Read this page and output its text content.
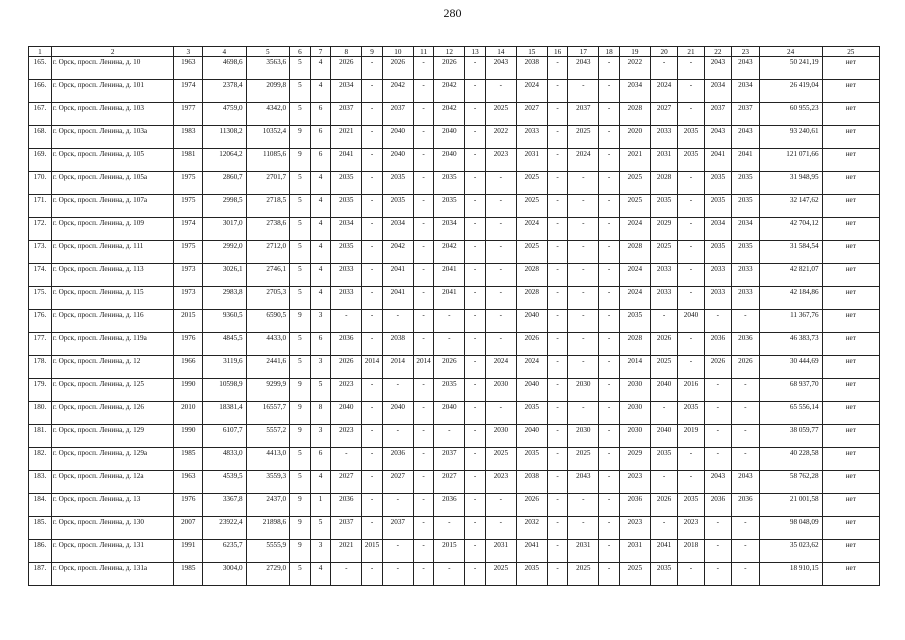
280
1	2	3	4	5	6	7	8	9	10	11	12	13	14	15	16	17	18	19	20	21	22	23	24	25
165.	г. Орск, просп. Ленина, д. 10	1963	4698,6	3563,6	5	4	2026	-	2026	-	2026	-	2043	2038	-	2043	-	2022	-	-	2043	2043	50 241,19	нет
166.	г. Орск, просп. Ленина, д. 101	1974	2378,4	2099,8	5	4	2034	-	2042	-	2042	-	-	2024	-	-	-	2034	2024	-	2034	2034	26 419,04	нет
167.	г. Орск, просп. Ленина, д. 103	1977	4759,0	4342,0	5	6	2037	-	2037	-	2042	-	2025	2027	-	2037	-	2028	2027	-	2037	2037	60 955,23	нет
168.	г. Орск, просп. Ленина, д. 103а	1983	11308,2	10352,4	9	6	2021	-	2040	-	2040	-	2022	2033	-	2025	-	2020	2033	2035	2043	2043	93 240,61	нет
169.	г. Орск, просп. Ленина, д. 105	1981	12064,2	11085,6	9	6	2041	-	2040	-	2040	-	2023	2031	-	2024	-	2021	2031	2035	2041	2041	121 071,66	нет
170.	г. Орск, просп. Ленина, д. 105а	1975	2860,7	2701,7	5	4	2035	-	2035	-	2035	-	-	2025	-	-	-	2025	2028	-	2035	2035	31 948,95	нет
171.	г. Орск, просп. Ленина, д. 107а	1975	2998,5	2718,5	5	4	2035	-	2035	-	2035	-	-	2025	-	-	-	2025	2035	-	2035	2035	32 147,62	нет
172.	г. Орск, просп. Ленина, д. 109	1974	3017,0	2738,6	5	4	2034	-	2034	-	2034	-	-	2024	-	-	-	2024	2029	-	2034	2034	42 704,12	нет
173.	г. Орск, просп. Ленина, д. 111	1975	2992,0	2712,0	5	4	2035	-	2042	-	2042	-	-	2025	-	-	-	2028	2025	-	2035	2035	31 584,54	нет
174.	г. Орск, просп. Ленина, д. 113	1973	3026,1	2746,1	5	4	2033	-	2041	-	2041	-	-	2028	-	-	-	2024	2033	-	2033	2033	42 821,07	нет
175.	г. Орск, просп. Ленина, д. 115	1973	2983,8	2705,3	5	4	2033	-	2041	-	2041	-	-	2028	-	-	-	2024	2033	-	2033	2033	42 184,86	нет
176.	г. Орск, просп. Ленина, д. 116	2015	9360,5	6590,5	9	3	-	-	-	-	-	-	-	2040	-	-	-	2035	-	2040	-	-	11 367,76	нет
177.	г. Орск, просп. Ленина, д. 119а	1976	4845,5	4433,0	5	6	2036	-	2038	-	-	-	-	2026	-	-	-	2028	2026	-	2036	2036	46 383,73	нет
178.	г. Орск, просп. Ленина, д. 12	1966	3119,6	2441,6	5	3	2026	2014	2014	2014	2026	-	2024	2024	-	-	-	2014	2025	-	2026	2026	30 444,69	нет
179.	г. Орск, просп. Ленина, д. 125	1990	10598,9	9299,9	9	5	2023	-	-	-	2035	-	2030	2040	-	2030	-	2030	2040	2016	-	-	68 937,70	нет
180.	г. Орск, просп. Ленина, д. 126	2010	18381,4	16557,7	9	8	2040	-	2040	-	2040	-	-	2035	-	-	-	2030	-	2035	-	-	65 556,14	нет
181.	г. Орск, просп. Ленина, д. 129	1990	6107,7	5557,2	9	3	2023	-	-	-	-	-	2030	2040	-	2030	-	2030	2040	2019	-	-	38 059,77	нет
182.	г. Орск, просп. Ленина, д. 129а	1985	4833,0	4413,0	5	6	-	-	2036	-	2037	-	2025	2035	-	2025	-	2029	2035	-	-	-	40 228,58	нет
183.	г. Орск, просп. Ленина, д. 12а	1963	4539,5	3559,3	5	4	2027	-	2027	-	2027	-	2023	2038	-	2043	-	2023	-	-	2043	2043	58 762,28	нет
184.	г. Орск, просп. Ленина, д. 13	1976	3367,8	2437,0	9	1	2036	-	-	-	2036	-	-	2026	-	-	-	2036	2026	2035	2036	2036	21 001,58	нет
185.	г. Орск, просп. Ленина, д. 130	2007	23922,4	21898,6	9	5	2037	-	2037	-	-	-	-	2032	-	-	-	2023	-	2023	-	-	98 048,09	нет
186.	г. Орск, просп. Ленина, д. 131	1991	6235,7	5555,9	9	3	2021	2015	-	-	2015	-	2031	2041	-	2031	-	2031	2041	2018	-	-	35 023,62	нет
187.	г. Орск, просп. Ленина, д. 131а	1985	3004,0	2729,0	5	4	-	-	-	-	-	-	2025	2035	-	2025	-	2025	2035	-	-	-	18 910,15	нет
